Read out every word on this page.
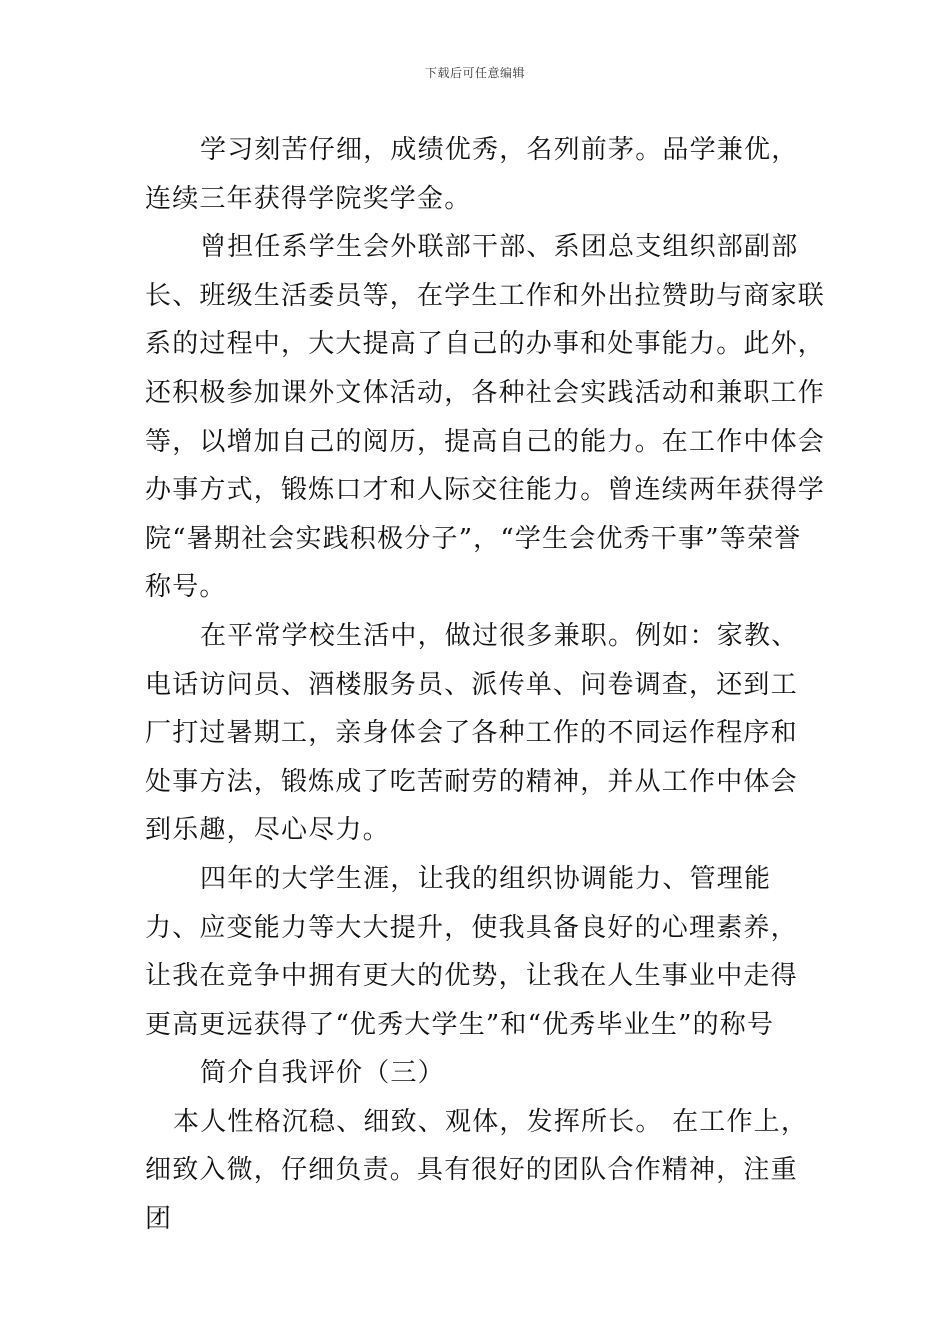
下载后可任意编辑

学习刻苦仔细，成绩优秀，名列前茅。品学兼优，连续三年获得学院奖学金。

曾担任系学生会外联部干部、系团总支组织部副部长、班级生活委员等，在学生工作和外出拉赞助与商家联系的过程中，大大提高了自己的办事和处事能力。此外，还积极参加课外文体活动，各种社会实践活动和兼职工作等，以增加自己的阅历，提高自己的能力。在工作中体会办事方式，锻炼口才和人际交往能力。曾连续两年获得学院“暑期社会实践积极分子”，“学生会优秀干事”等荣誉称号。

在平常学校生活中，做过很多兼职。例如：家教、电话访问员、酒楼服务员、派传单、问卷调查，还到工厂打过暑期工，亲身体会了各种工作的不同运作程序和处事方法，锻炼成了吃苦耐劳的精神，并从工作中体会到乐趣，尽心尽力。

四年的大学生涯，让我的组织协调能力、管理能力、应变能力等大大提升，使我具备良好的心理素养，让我在竞争中拥有更大的优势，让我在人生事业中走得更高更远获得了“优秀大学生”和“优秀毕业生”的称号

简介自我评价（三）

本人性格沉稳、细致、观体，发挥所长。 在工作上，细致入微，仔细负责。具有很好的团队合作精神，注重团
